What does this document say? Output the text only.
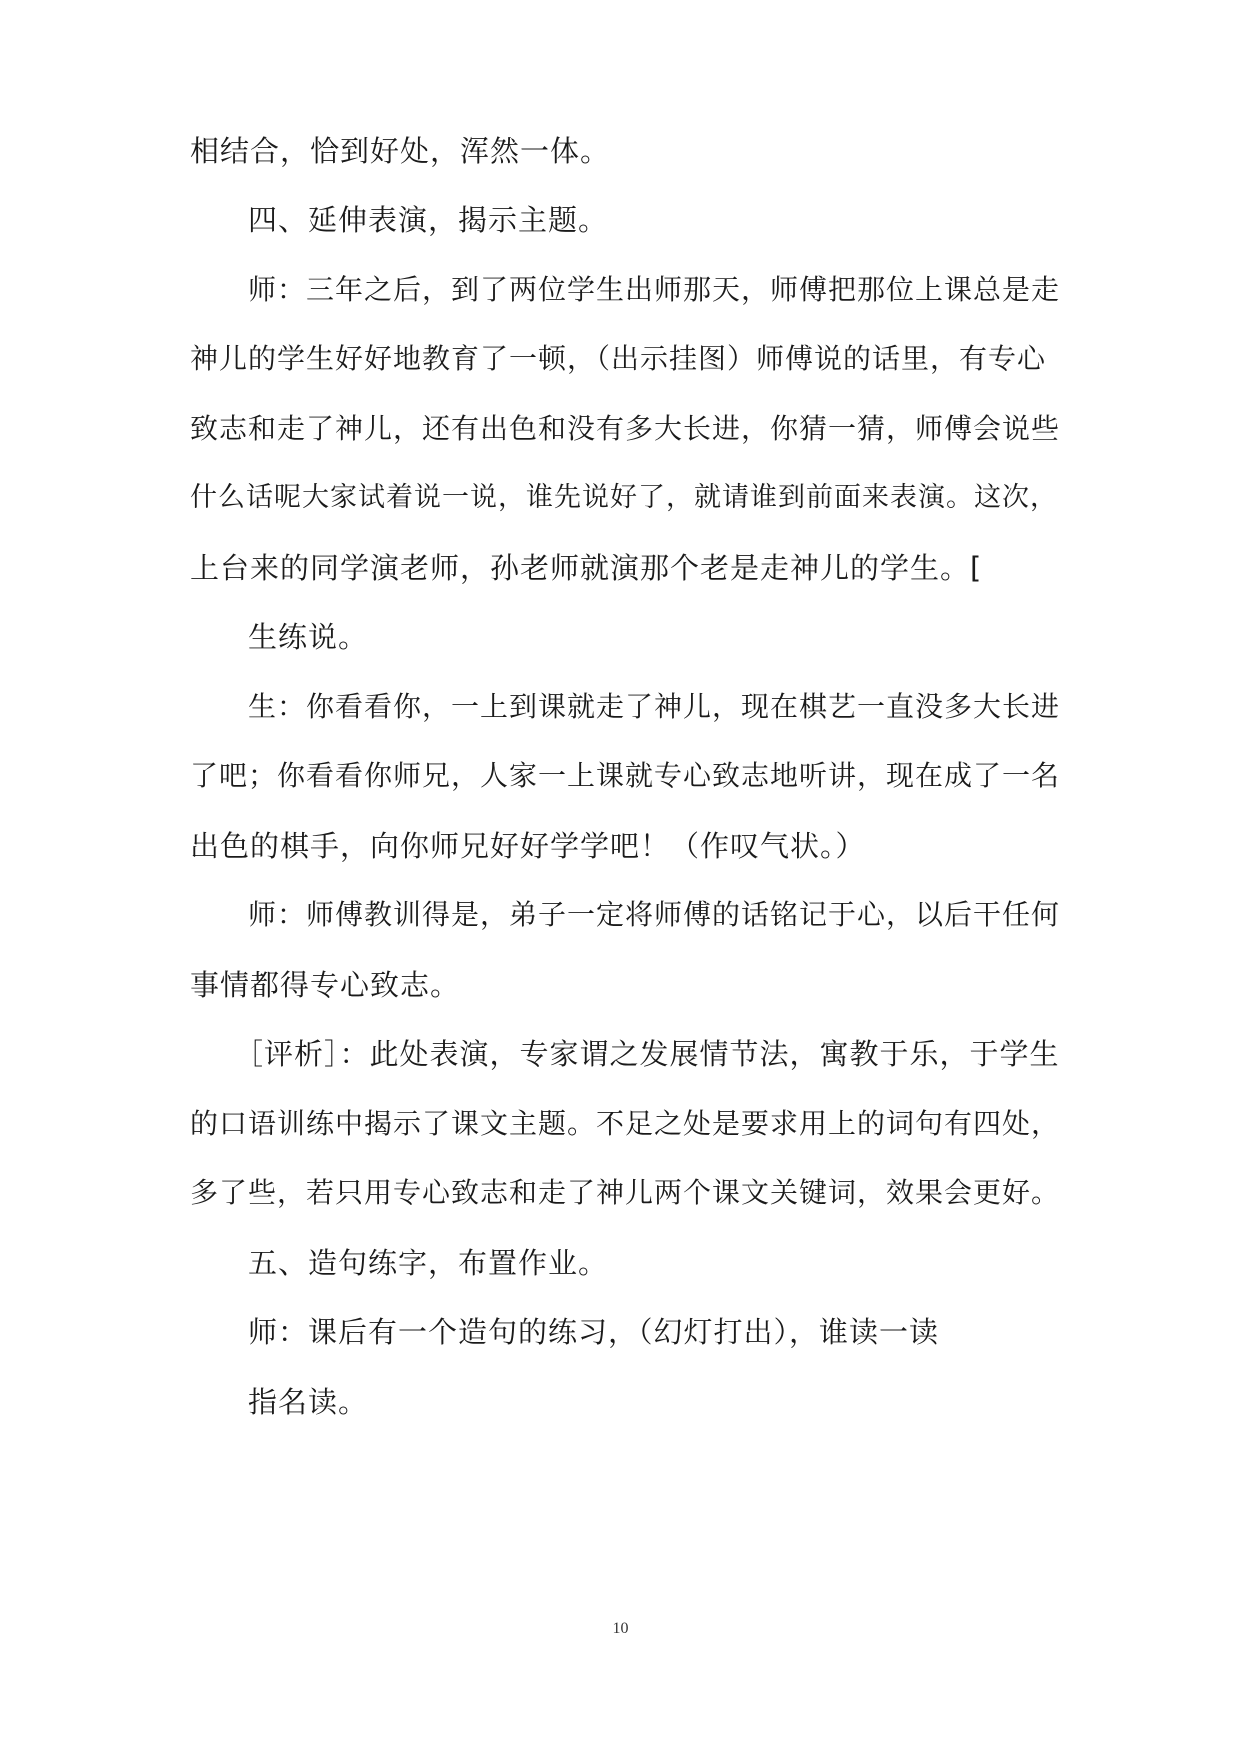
相结合，恰到好处，浑然一体。
四、延伸表演，揭示主题。
师：三年之后，到了两位学生出师那天，师傅把那位上课总是走
神儿的学生好好地教育了一顿，（出示挂图）师傅说的话里，有专心
致志和走了神儿，还有出色和没有多大长进，你猜一猜，师傅会说些
什么话呢大家试着说一说，谁先说好了，就请谁到前面来表演。这次，
上台来的同学演老师，孙老师就演那个老是走神儿的学生。[
生练说。
生：你看看你，一上到课就走了神儿，现在棋艺一直没多大长进
了吧；你看看你师兄，人家一上课就专心致志地听讲，现在成了一名
出色的棋手，向你师兄好好学学吧！（作叹气状。）
师：师傅教训得是，弟子一定将师傅的话铭记于心，以后干任何
事情都得专心致志。
［评析］：此处表演，专家谓之发展情节法，寓教于乐，于学生
的口语训练中揭示了课文主题。不足之处是要求用上的词句有四处，
多了些，若只用专心致志和走了神儿两个课文关键词，效果会更好。
五、造句练字，布置作业。
师：课后有一个造句的练习，（幻灯打出），谁读一读
指名读。
10
